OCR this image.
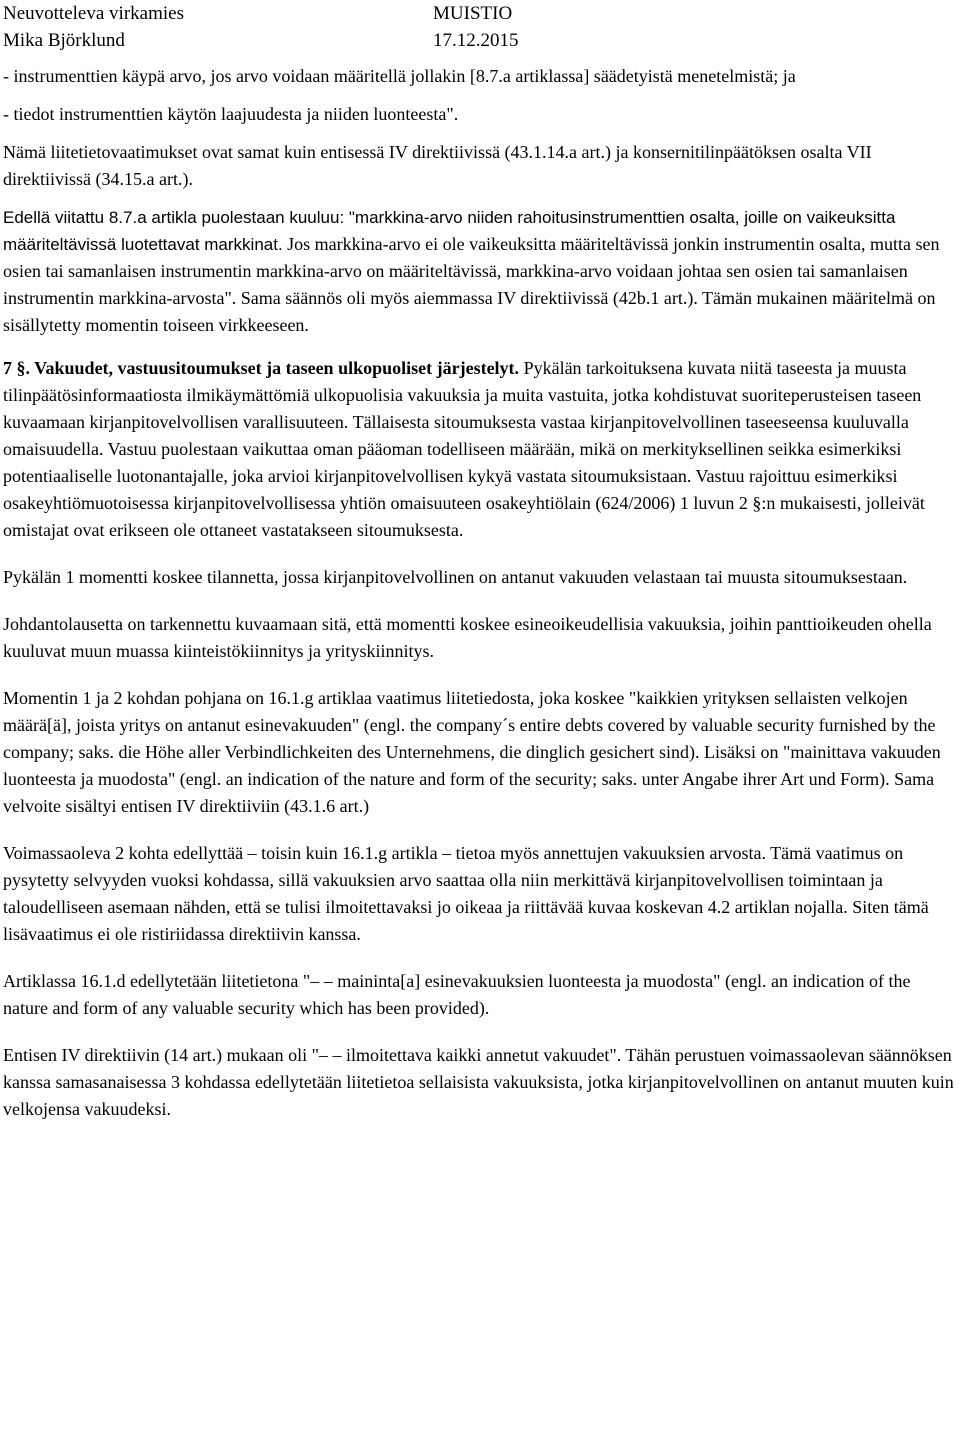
Neuvotteleva virkamies
Mika Björklund
MUISTIO
17.12.2015

- instrumenttien käypä arvo, jos arvo voidaan määritellä jollakin [8.7.a artiklassa] säädetyistä menetelmistä; ja

- tiedot instrumenttien käytön laajuudesta ja niiden luonteesta".

Nämä liitetietovaatimukset ovat samat kuin entisessä IV direktiivissä (43.1.14.a art.) ja konsernitilinpäätöksen osalta VII direktiivissä (34.15.a art.).

Edellä viitattu 8.7.a artikla puolestaan kuuluu: "markkina-arvo niiden rahoitusinstrumenttien osalta, joille on vaikeuksitta määriteltävissä luotettavat markkinat. Jos markkina-arvo ei ole vaikeuksitta määriteltävissä jonkin instrumentin osalta, mutta sen osien tai samanlaisen instrumentin markkina-arvo on määriteltävissä, markkina-arvo voidaan johtaa sen osien tai samanlaisen instrumentin markkina-arvosta". Sama säännös oli myös aiemmassa IV direktiivissä (42b.1 art.). Tämän mukainen määritelmä on sisällytetty momentin toiseen virkkeeseen.

7 §. Vakuudet, vastuusitoumukset ja taseen ulkopuoliset järjestelyt. Pykälän tarkoituksena kuvata niitä taseesta ja muusta tilinpäätösinformaatiosta ilmikäymättömiä ulkopuolisia vakuuksia ja muita vastuita, jotka kohdistuvat suoriteperusteisen taseen kuvaamaan kirjanpitovelvollisen varallisuuteen. Tällaisesta sitoumuksesta vastaa kirjanpitovelvollinen taseeseensa kuuluvalla omaisuudella. Vastuu puolestaan vaikuttaa oman pääoman todelliseen määrään, mikä on merkityksellinen seikka esimerkiksi potentiaaliselle luotonantajalle, joka arvioi kirjanpitovelvollisen kykyä vastata sitoumuksistaan. Vastuu rajoittuu esimerkiksi osakeyhtiömuotoisessa kirjanpitovelvollisessa yhtiön omaisuuteen osakeyhtiölain (624/2006) 1 luvun 2 §:n mukaisesti, jolleivät omistajat ovat erikseen ole ottaneet vastatakseen sitoumuksesta.

Pykälän 1 momentti koskee tilannetta, jossa kirjanpitovelvollinen on antanut vakuuden velastaan tai muusta sitoumuksestaan.

Johdantolausetta on tarkennettu kuvaamaan sitä, että momentti koskee esineoikeudellisia vakuuksia, joihin panttioikeuden ohella kuuluvat muun muassa kiinteistökiinnitys ja yrityskiinnitys.

Momentin 1 ja 2 kohdan pohjana on 16.1.g artiklaa vaatimus liitetiedosta, joka koskee "kaikkien yrityksen sellaisten velkojen määrä[ä], joista yritys on antanut esinevakuuden" (engl. the company´s entire debts covered by valuable security furnished by the company; saks. die Höhe aller Verbindlichkeiten des Unternehmens, die dinglich gesichert sind). Lisäksi on "mainittava vakuuden luonteesta ja muodosta" (engl. an indication of the nature and form of the security; saks. unter Angabe ihrer Art und Form). Sama velvoite sisältyi entisen IV direktiiviin (43.1.6 art.)

Voimassaoleva 2 kohta edellyttää – toisin kuin 16.1.g artikla – tietoa myös annettujen vakuuksien arvosta. Tämä vaatimus on pysytetty selvyyden vuoksi kohdassa, sillä vakuuksien arvo saattaa olla niin merkittävä kirjanpitovelvollisen toimintaan ja taloudelliseen asemaan nähden, että se tulisi ilmoitettavaksi jo oikeaa ja riittävää kuvaa koskevan 4.2 artiklan nojalla. Siten tämä lisävaatimus ei ole ristiriidassa direktiivin kanssa.

Artiklassa 16.1.d edellytetään liitetietona "– – maininta[a] esinevakuuksien luonteesta ja muodosta" (engl. an indication of the nature and form of any valuable security which has been provided).

Entisen IV direktiivin (14 art.) mukaan oli "– – ilmoitettava kaikki annetut vakuudet". Tähän perustuen voimassaolevan säännöksen kanssa samasanaisessa 3 kohdassa edellytetään liitetietoa sellaisista vakuuksista, jotka kirjanpitovelvollinen on antanut muuten kuin velkojensa vakuudeksi.
